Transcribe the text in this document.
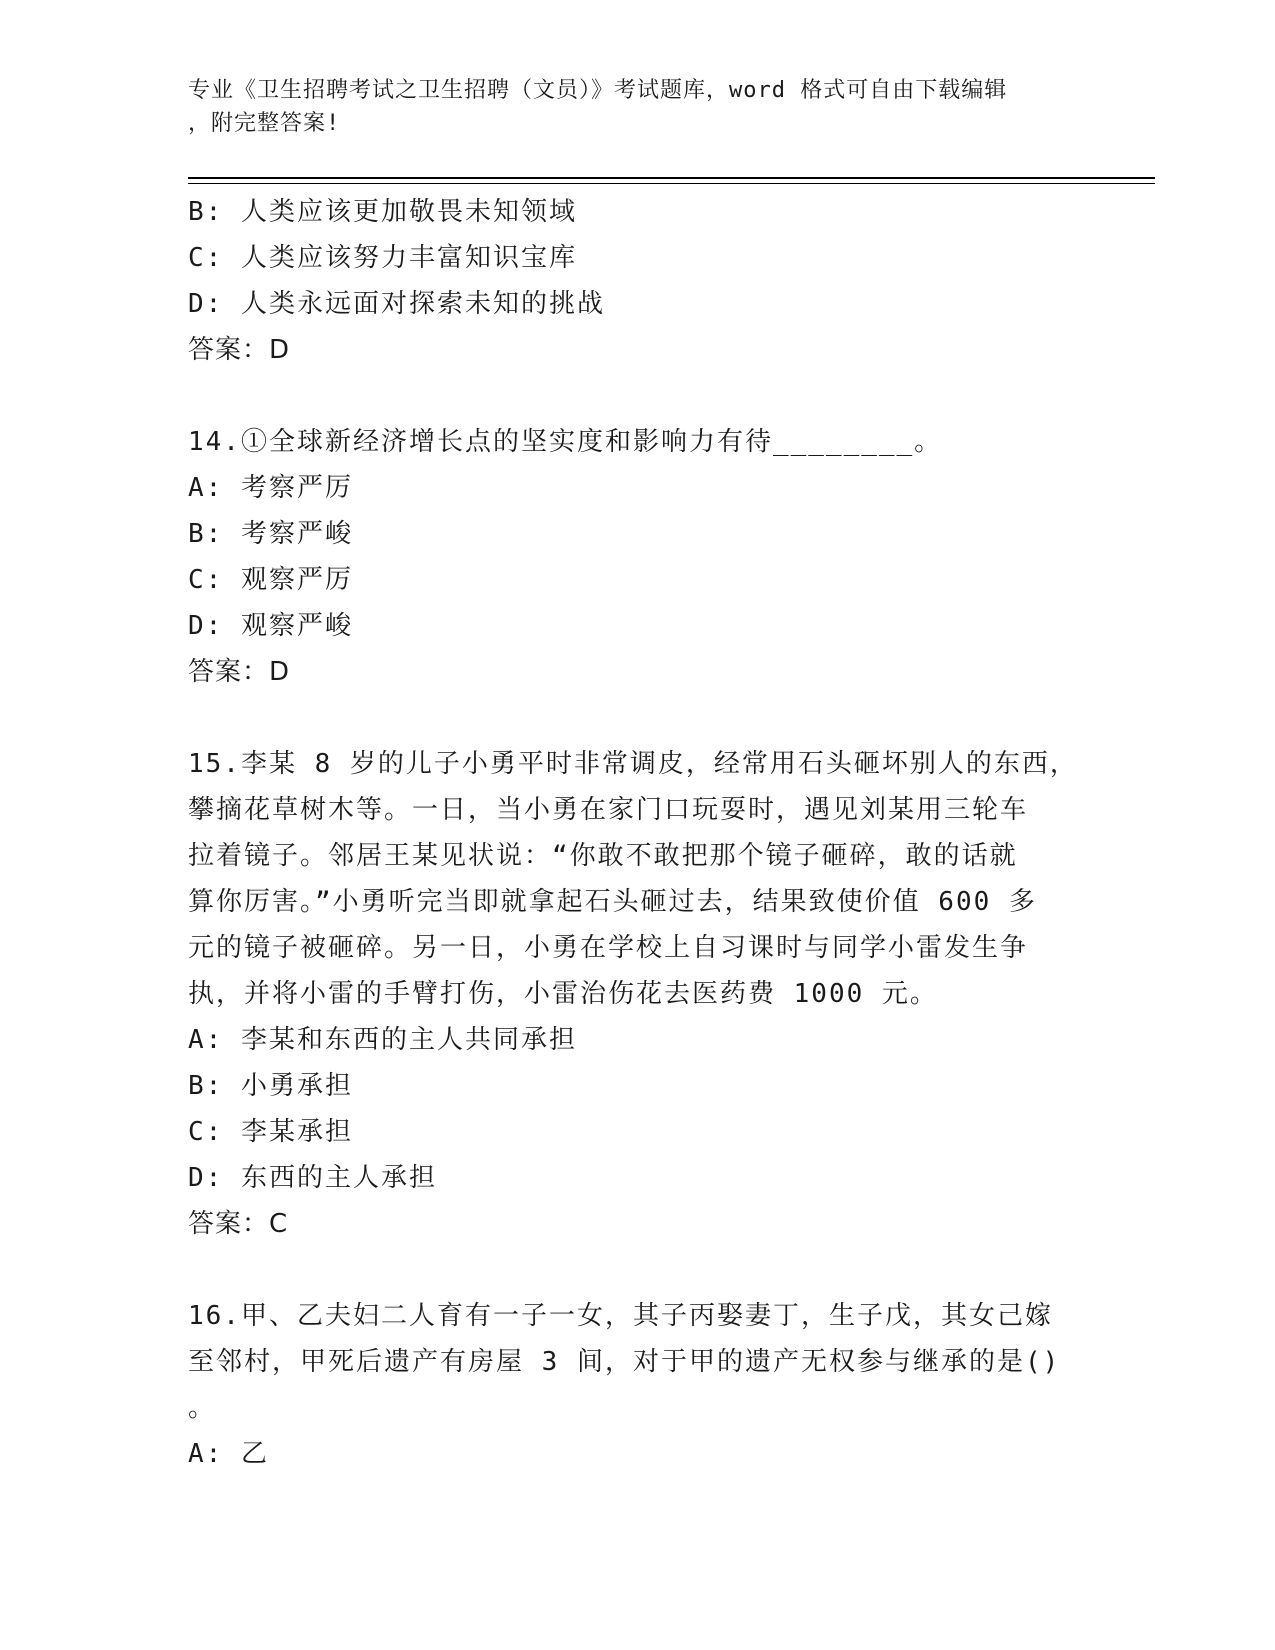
专业《卫生招聘考试之卫生招聘（文员）》考试题库，word 格式可自由下载编辑
，附完整答案!
B: 人类应该更加敬畏未知领域
C: 人类应该努力丰富知识宝库
D: 人类永远面对探索未知的挑战
答案：D
14.①全球新经济增长点的坚实度和影响力有待________。
A: 考察严厉
B: 考察严峻
C: 观察严厉
D: 观察严峻
答案：D
15.李某 8 岁的儿子小勇平时非常调皮，经常用石头砸坏别人的东西，
攀摘花草树木等。一日，当小勇在家门口玩耍时，遇见刘某用三轮车
拉着镜子。邻居王某见状说：“你敢不敢把那个镜子砸碎，敢的话就
算你厉害。”小勇听完当即就拿起石头砸过去，结果致使价值 600 多
元的镜子被砸碎。另一日，小勇在学校上自习课时与同学小雷发生争
执，并将小雷的手臂打伤，小雷治伤花去医药费 1000 元。
A: 李某和东西的主人共同承担
B: 小勇承担
C: 李某承担
D: 东西的主人承担
答案：C
16.甲、乙夫妇二人育有一子一女，其子丙娶妻丁，生子戊，其女己嫁
至邻村，甲死后遗产有房屋 3 间，对于甲的遗产无权参与继承的是()
。
A: 乙
